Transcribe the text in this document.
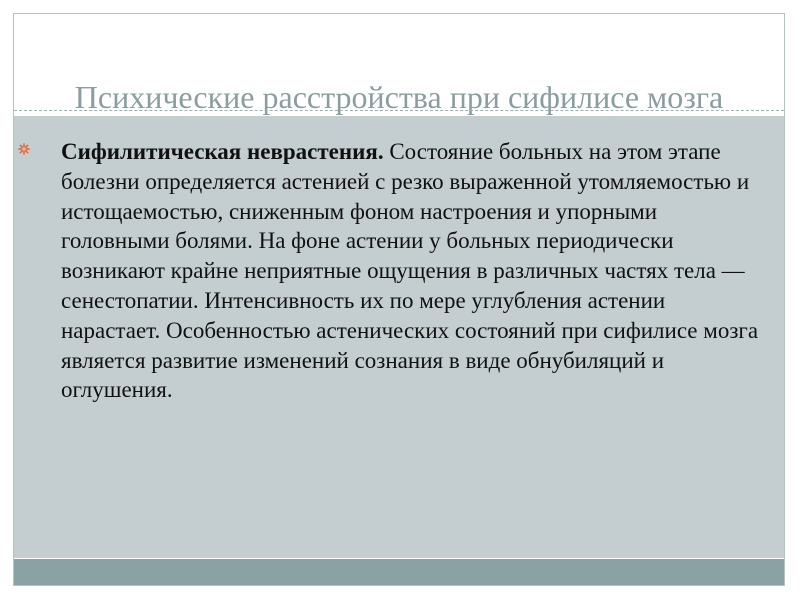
Психические расстройства при сифилисе мозга

Сифилитическая неврастения. Состояние больных на этом этапе болезни определяется астенией с резко выраженной утомляемостью и истощаемостью, сниженным фоном настроения и упорными головными болями. На фоне астении у больных периодически возникают крайне неприятные ощущения в различных частях тела — сенестопатии. Интенсивность их по мере углубления астении нарастает. Особенностью астенических состояний при сифилисе мозга является развитие изменений сознания в виде обнубиляций и оглушения.
